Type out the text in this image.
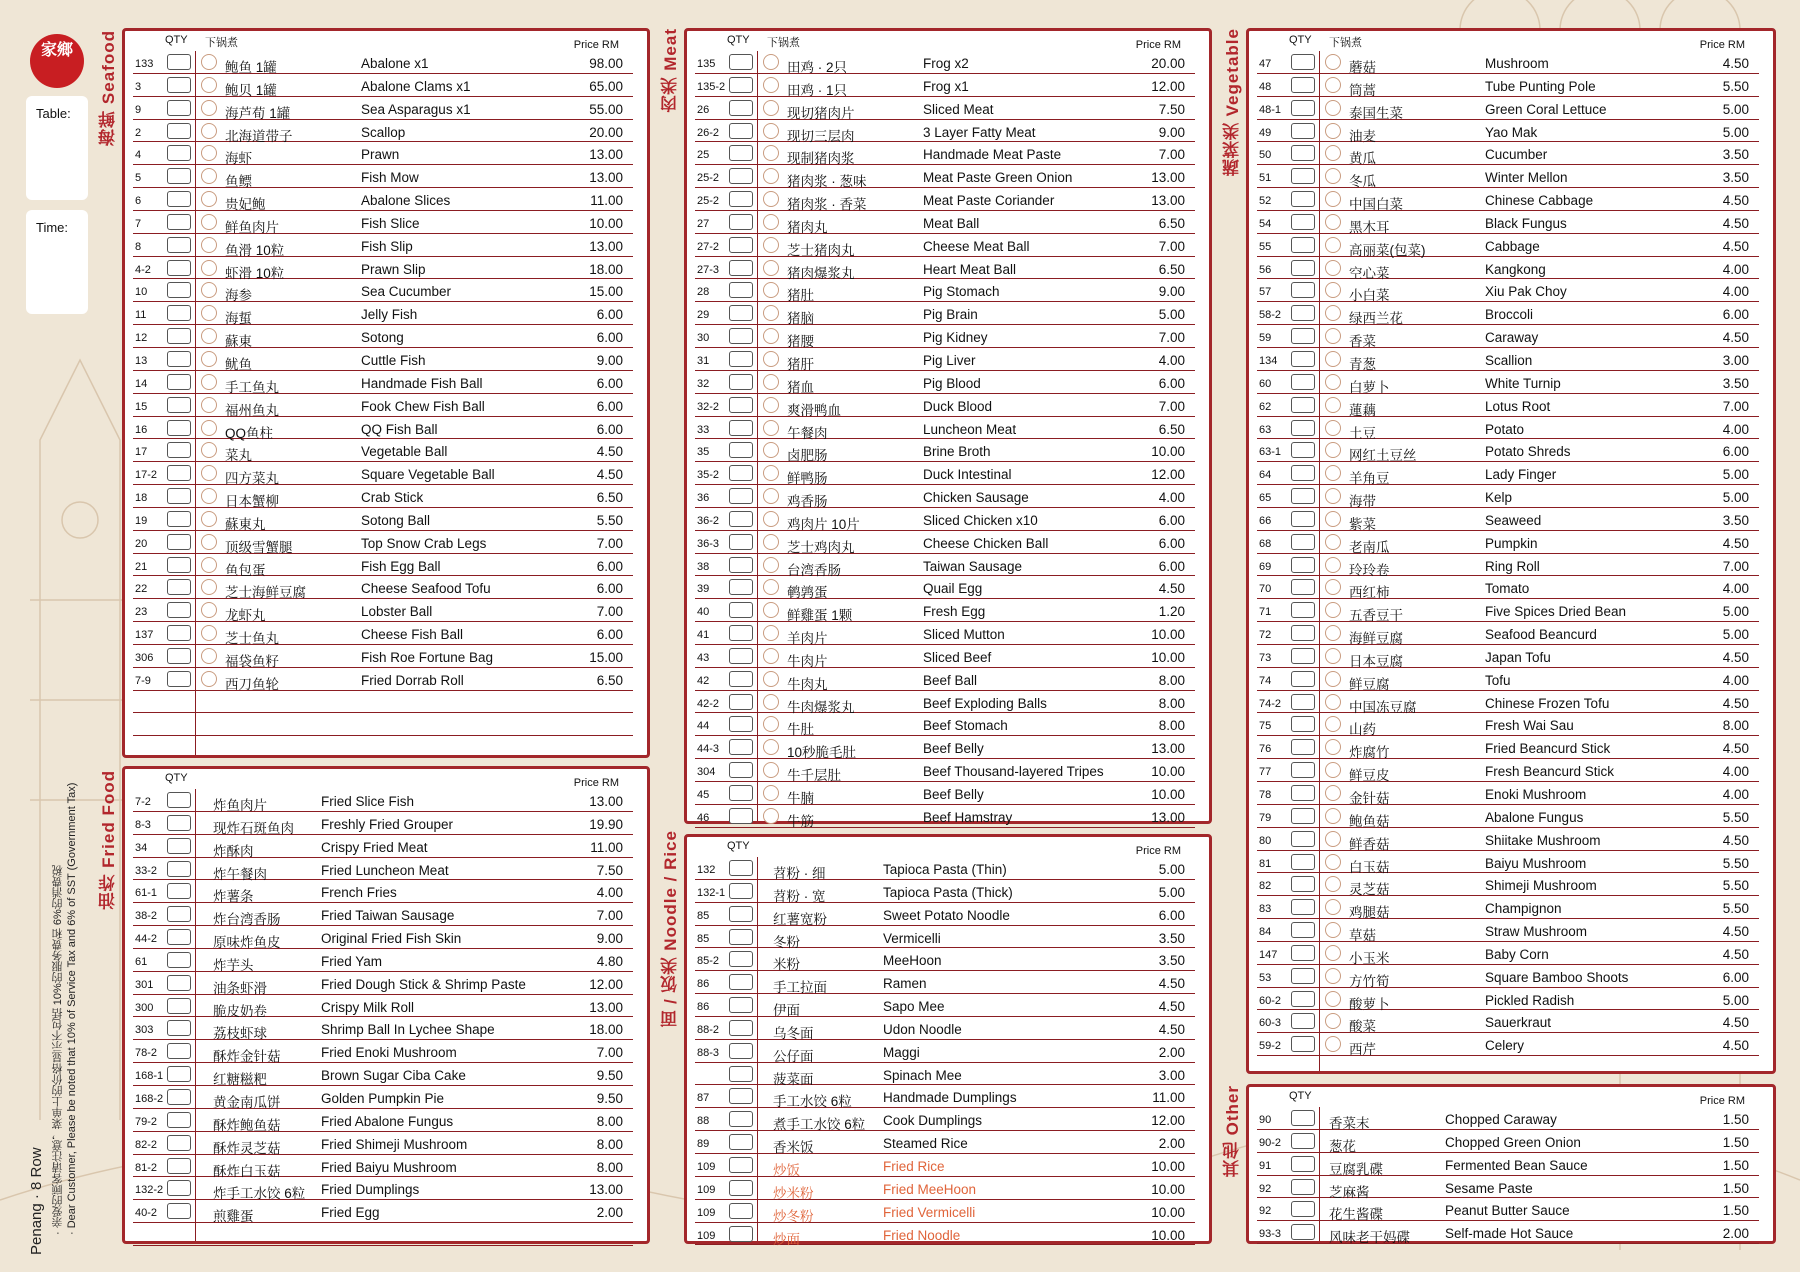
家鄉
Table:
Time:
Penang · 8 Row · 亲爱的顾客请注意，菜单上的价格显示不包括 10%的服务费和 6%的消费税 · Dear Customer, Please be noted that 10% of Service Tax and 6% of SST (Government Tax)
海鲜 Seafood
油炸 Fried Food
肉类 Meat
面 / 饭类 Noodle / Rice
蔬菜类 Vegetable
其他 Other
QTY 下锅煮	Price RM
133	鲍鱼 1罐	Abalone x1	98.00
3	鲍贝 1罐	Abalone Clams x1	65.00
9	海芦荀 1罐	Sea Asparagus x1	55.00
2	北海道带子	Scallop	20.00
4	海虾	Prawn	13.00
5	鱼鳔	Fish Mow	13.00
6	贵妃鲍	Abalone Slices	11.00
7	鲜鱼肉片	Fish Slice	10.00
8	鱼滑 10粒	Fish Slip	13.00
4-2	虾滑 10粒	Prawn Slip	18.00
10	海参	Sea Cucumber	15.00
11	海蜇	Jelly Fish	6.00
12	蘇東	Sotong	6.00
13	鱿鱼	Cuttle Fish	9.00
14	手工鱼丸	Handmade Fish Ball	6.00
15	福州鱼丸	Fook Chew Fish Ball	6.00
16	QQ鱼柱	QQ Fish Ball	6.00
17	菜丸	Vegetable Ball	4.50
17-2	四方菜丸	Square Vegetable Ball	4.50
18	日本蟹柳	Crab Stick	6.50
19	蘇東丸	Sotong Ball	5.50
20	顶级雪蟹腿	Top Snow Crab Legs	7.00
21	鱼包蛋	Fish Egg Ball	6.00
22	芝士海鲜豆腐	Cheese Seafood Tofu	6.00
23	龙虾丸	Lobster Ball	7.00
137	芝士鱼丸	Cheese Fish Ball	6.00
306	福袋鱼籽	Fish Roe Fortune Bag	15.00
7-9	西刀鱼轮	Fried Dorrab Roll	6.50
QTY	Price RM
7-2	炸鱼肉片	Fried Slice Fish	13.00
8-3	现炸石斑鱼肉 Freshly Fried Grouper	19.90
34	炸酥肉	Crispy Fried Meat	11.00
33-2	炸午餐肉	Fried Luncheon Meat	7.50
61-1	炸薯条	French Fries	4.00
38-2	炸台湾香肠	Fried Taiwan Sausage	7.00
44-2	原味炸鱼皮	Original Fried Fish Skin	9.00
61	炸芋头	Fried Yam	4.80
301	油条虾滑	Fried Dough Stick & Shrimp Paste	12.00
300	脆皮奶卷	Crispy Milk Roll	13.00
303	荔枝虾球	Shrimp Ball In Lychee Shape	18.00
78-2	酥炸金针菇	Fried Enoki Mushroom	7.00
168-1	红糖糍粑	Brown Sugar Ciba Cake	9.50
168-2	黄金南瓜饼	Golden Pumpkin Pie	9.50
79-2	酥炸鲍鱼菇	Fried Abalone Fungus	8.00
82-2	酥炸灵芝菇	Fried Shimeji Mushroom	8.00
81-2	酥炸白玉菇	Fried Baiyu Mushroom	8.00
132-2	炸手工水饺 6粒 Fried Dumplings	13.00
40-2	煎雞蛋	Fried Egg	2.00
QTY 下锅煮	Price RM
135	田鸡 · 2只	Frog x2	20.00
135-2	田鸡 · 1只	Frog x1	12.00
26	现切猪肉片	Sliced Meat	7.50
26-2	现切三层肉	3 Layer Fatty Meat	9.00
25	现制猪肉浆	Handmade Meat Paste	7.00
25-2	猪肉浆 · 葱味	Meat Paste Green Onion	13.00
25-2	猪肉浆 · 香菜	Meat Paste Coriander	13.00
27	猪肉丸	Meat Ball	6.50
27-2	芝士猪肉丸	Cheese Meat Ball	7.00
27-3	猪肉爆浆丸	Heart Meat Ball	6.50
28	猪肚	Pig Stomach	9.00
29	猪脑	Pig Brain	5.00
30	猪腰	Pig Kidney	7.00
31	猪肝	Pig Liver	4.00
32	猪血	Pig Blood	6.00
32-2	爽滑鸭血	Duck Blood	7.00
33	午餐肉	Luncheon Meat	6.50
35	卤肥肠	Brine Broth	10.00
35-2	鲜鸭肠	Duck Intestinal	12.00
36	鸡香肠	Chicken Sausage	4.00
36-2	鸡肉片 10片	Sliced Chicken x10	6.00
36-3	芝士鸡肉丸	Cheese Chicken Ball	6.00
38	台湾香肠	Taiwan Sausage	6.00
39	鹌鹑蛋	Quail Egg	4.50
40	鲜雞蛋 1颗	Fresh Egg	1.20
41	羊肉片	Sliced Mutton	10.00
43	牛肉片	Sliced Beef	10.00
42	牛肉丸	Beef Ball	8.00
42-2	牛肉爆浆丸	Beef Exploding Balls	8.00
44	牛肚	Beef Stomach	8.00
44-3	10秒脆毛肚	Beef Belly	13.00
304	牛千层肚	Beef Thousand-layered Tripes	10.00
45	牛腩	Beef Belly	10.00
46	牛筋	Beef Hamstray	13.00
QTY	Price RM
132	苕粉 · 细	Tapioca Pasta (Thin)	5.00
132-1	苕粉 · 宽	Tapioca Pasta (Thick)	5.00
85	红薯宽粉	Sweet Potato Noodle	6.00
85	冬粉	Vermicelli	3.50
85-2	米粉	MeeHoon	3.50
86	手工拉面	Ramen	4.50
86	伊面	Sapo Mee	4.50
88-2	乌冬面	Udon Noodle	4.50
88-3	公仔面	Maggi	2.00
菠菜面	Spinach Mee	3.00
87	手工水饺 6粒 Handmade Dumplings	11.00
88	煮手工水饺 6粒 Cook Dumplings	12.00
89	香米饭	Steamed Rice	2.00
109	炒饭	Fried Rice	10.00
109	炒米粉	Fried MeeHoon	10.00
109	炒冬粉	Fried Vermicelli	10.00
109	炒面	Fried Noodle	10.00
QTY 下锅煮	Price RM
47	蘑菇	Mushroom	4.50
48	筒蒿	Tube Punting Pole	5.50
48-1	泰国生菜	Green Coral Lettuce	5.00
49	油麦	Yao Mak	5.00
50	黄瓜	Cucumber	3.50
51	冬瓜	Winter Mellon	3.50
52	中国白菜	Chinese Cabbage	4.50
54	黑木耳	Black Fungus	4.50
55	高丽菜(包菜)	Cabbage	4.50
56	空心菜	Kangkong	4.00
57	小白菜	Xiu Pak Choy	4.00
58-2	绿西兰花	Broccoli	6.00
59	香菜	Caraway	4.50
134	青葱	Scallion	3.00
60	白萝卜	White Turnip	3.50
62	蓮藕	Lotus Root	7.00
63	土豆	Potato	4.00
63-1	网红土豆丝	Potato Shreds	6.00
64	羊角豆	Lady Finger	5.00
65	海带	Kelp	5.00
66	紫菜	Seaweed	3.50
68	老南瓜	Pumpkin	4.50
69	玲玲卷	Ring Roll	7.00
70	西红柿	Tomato	4.00
71	五香豆干	Five Spices Dried Bean	5.00
72	海鲜豆腐	Seafood Beancurd	5.00
73	日本豆腐	Japan Tofu	4.50
74	鲜豆腐	Tofu	4.00
74-2	中国冻豆腐	Chinese Frozen Tofu	4.50
75	山药	Fresh Wai Sau	8.00
76	炸腐竹	Fried Beancurd Stick	4.50
77	鲜豆皮	Fresh Beancurd Stick	4.00
78	金针菇	Enoki Mushroom	4.00
79	鲍鱼菇	Abalone Fungus	5.50
80	鲜香菇	Shiitake Mushroom	4.50
81	白玉菇	Baiyu Mushroom	5.50
82	灵芝菇	Shimeji Mushroom	5.50
83	鸡腿菇	Champignon	5.50
84	草菇	Straw Mushroom	4.50
147	小玉米	Baby Corn	4.50
53	方竹筍	Square Bamboo Shoots	6.00
60-2	酸萝卜	Pickled Radish	5.00
60-3	酸菜	Sauerkraut	4.50
59-2	西芹	Celery	4.50
QTY	Price RM
90	香菜末	Chopped Caraway	1.50
90-2	葱花	Chopped Green Onion	1.50
91	豆腐乳碟	Fermented Bean Sauce	1.50
92	芝麻酱	Sesame Paste	1.50
92	花生酱碟	Peanut Butter Sauce	1.50
93-3	风味老干妈碟	Self-made Hot Sauce	2.00
